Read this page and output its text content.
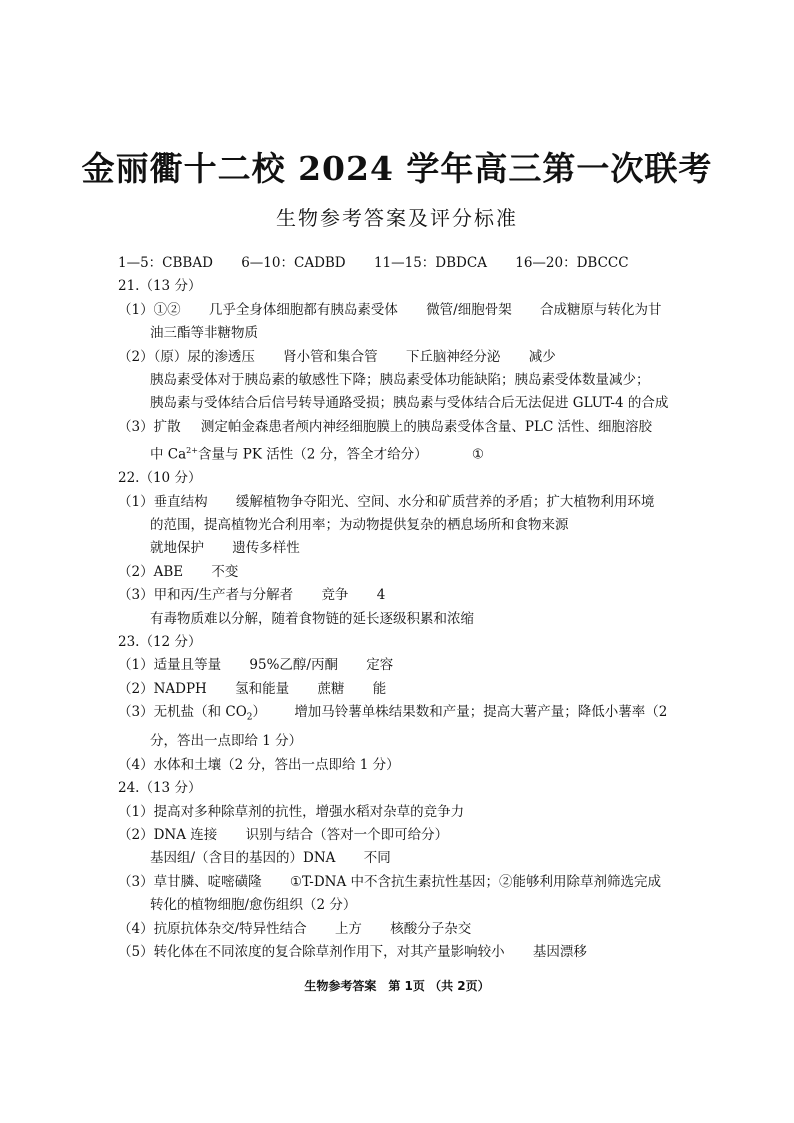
金丽衢十二校 2024 学年高三第一次联考
生物参考答案及评分标准
1—5：CBBAD 6—10：CADBD 11—15：DBDCA 16—20：DBCCC
21.（13 分）
（1）①② 几乎全身体细胞都有胰岛素受体 微管/细胞骨架 合成糖原与转化为甘
油三酯等非糖物质
（2）（原）尿的渗透压 肾小管和集合管 下丘脑神经分泌 减少
胰岛素受体对于胰岛素的敏感性下降；胰岛素受体功能缺陷；胰岛素受体数量减少；
胰岛素与受体结合后信号转导通路受损；胰岛素与受体结合后无法促进 GLUT-4 的合成
（3）扩散 测定帕金森患者颅内神经细胞膜上的胰岛素受体含量、PLC 活性、细胞溶胶
中 $Ca^{2+}$含量与 PK 活性（2 分，答全才给分）	①
22.（10 分）
（1）垂直结构 缓解植物争夺阳光、空间、水分和矿质营养的矛盾；扩大植物利用环境
的范围，提高植物光合利用率；为动物提供复杂的栖息场所和食物来源
就地保护 遗传多样性
（2）ABE 不变
（3）甲和丙/生产者与分解者 竞争 4
有毒物质难以分解，随着食物链的延长逐级积累和浓缩
23.（12 分）
（1）适量且等量 95%乙醇/丙酮 定容
（2）NADPH 氢和能量 蔗糖 能
（3）无机盐（和 $CO_2$） 增加马铃薯单株结果数和产量；提高大薯产量；降低小薯率（2
分，答出一点即给 1 分）
（4）水体和土壤（2 分，答出一点即给 1 分）
24.（13 分）
（1）提高对多种除草剂的抗性，增强水稻对杂草的竞争力
（2）DNA 连接 识别与结合（答对一个即可给分）
基因组/（含目的基因的）DNA 不同
（3）草甘膦、啶嘧磺隆 ①T-DNA 中不含抗生素抗性基因；②能够利用除草剂筛选完成
转化的植物细胞/愈伤组织（2 分）
（4）抗原抗体杂交/特异性结合 上方 核酸分子杂交
（5）转化体在不同浓度的复合除草剂作用下，对其产量影响较小 基因漂移
生物参考答案　第 1页 （共 2页）
